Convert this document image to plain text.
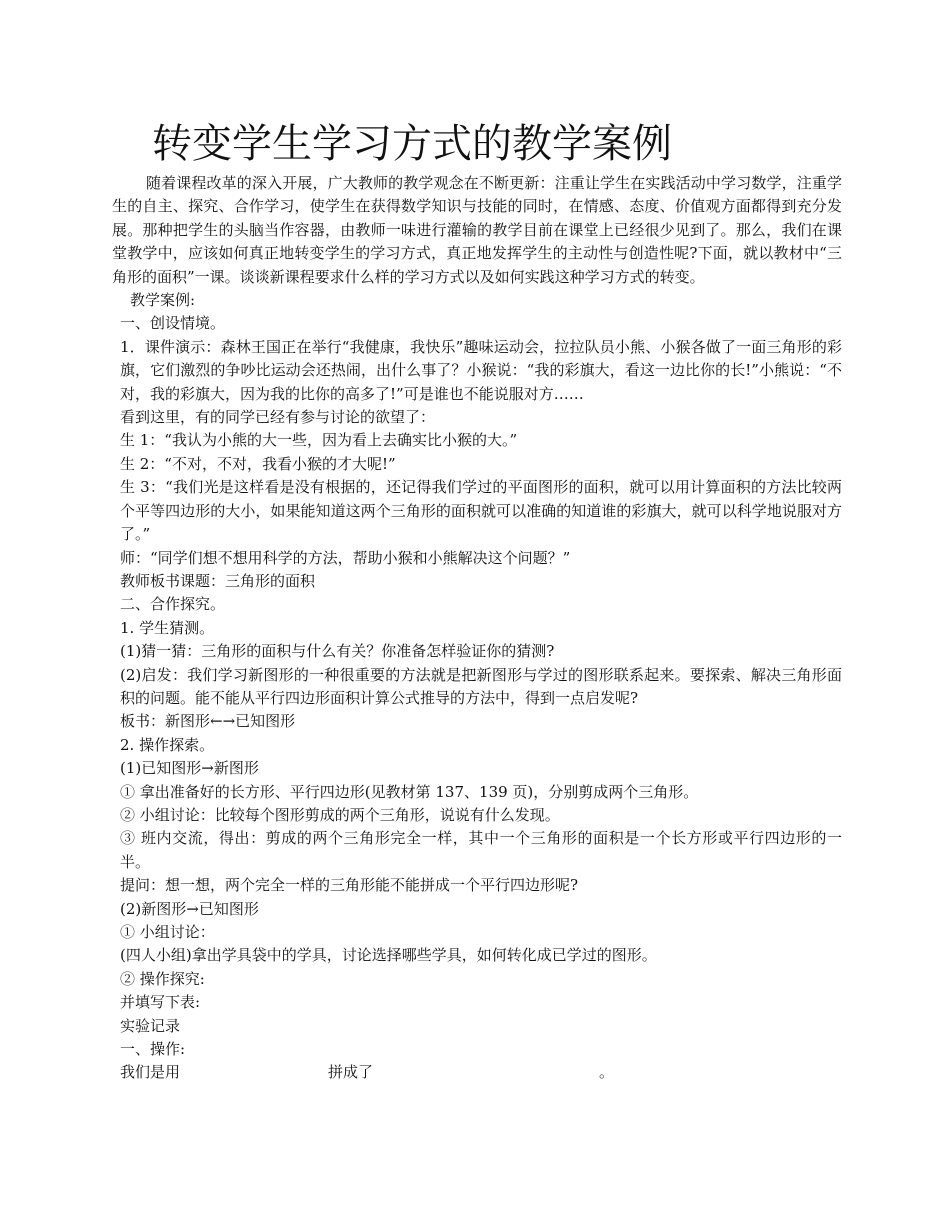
转变学生学习方式的教学案例

随着课程改革的深入开展，广大教师的教学观念在不断更新：注重让学生在实践活动中学习数学，注重学生的自主、探究、合作学习，使学生在获得数学知识与技能的同时，在情感、态度、价值观方面都得到充分发展。那种把学生的头脑当作容器，由教师一味进行灌输的教学目前在课堂上已经很少见到了。那么，我们在课堂教学中，应该如何真正地转变学生的学习方式，真正地发挥学生的主动性与创造性呢?下面，就以教材中“三角形的面积”一课。谈谈新课程要求什么样的学习方式以及如何实践这种学习方式的转变。

教学案例:

一、创设情境。

1．课件演示：森林王国正在举行“我健康，我快乐”趣味运动会，拉拉队员小熊、小猴各做了一面三角形的彩旗，它们激烈的争吵比运动会还热闹，出什么事了？小猴说：“我的彩旗大，看这一边比你的长!”小熊说：“不对，我的彩旗大，因为我的比你的高多了!”可是谁也不能说服对方……

看到这里，有的同学已经有参与讨论的欲望了：

生 1：“我认为小熊的大一些，因为看上去确实比小猴的大。”

生 2：“不对，不对，我看小猴的才大呢!”

生 3：“我们光是这样看是没有根据的，还记得我们学过的平面图形的面积，就可以用计算面积的方法比较两个平等四边形的大小，如果能知道这两个三角形的面积就可以准确的知道谁的彩旗大，就可以科学地说服对方了。”

师：“同学们想不想用科学的方法，帮助小猴和小熊解决这个问题？”

教师板书课题：三角形的面积

二、合作探究。

1. 学生猜测。

(1)猜一猜：三角形的面积与什么有关？你准备怎样验证你的猜测?

(2)启发：我们学习新图形的一种很重要的方法就是把新图形与学过的图形联系起来。要探索、解决三角形面积的问题。能不能从平行四边形面积计算公式推导的方法中，得到一点启发呢?

板书：新图形←→已知图形

2. 操作探索。

(1)已知图形→新图形

① 拿出准备好的长方形、平行四边形(见教材第 137、139 页)，分别剪成两个三角形。

② 小组讨论：比较每个图形剪成的两个三角形，说说有什么发现。

③ 班内交流，得出：剪成的两个三角形完全一样，其中一个三角形的面积是一个长方形或平行四边形的一半。

提问：想一想，两个完全一样的三角形能不能拼成一个平行四边形呢?

(2)新图形→已知图形

① 小组讨论：

(四人小组)拿出学具袋中的学具，讨论选择哪些学具，如何转化成已学过的图形。

② 操作探究:

并填写下表:

实验记录

一、操作:

我们是用	拼成了	。
